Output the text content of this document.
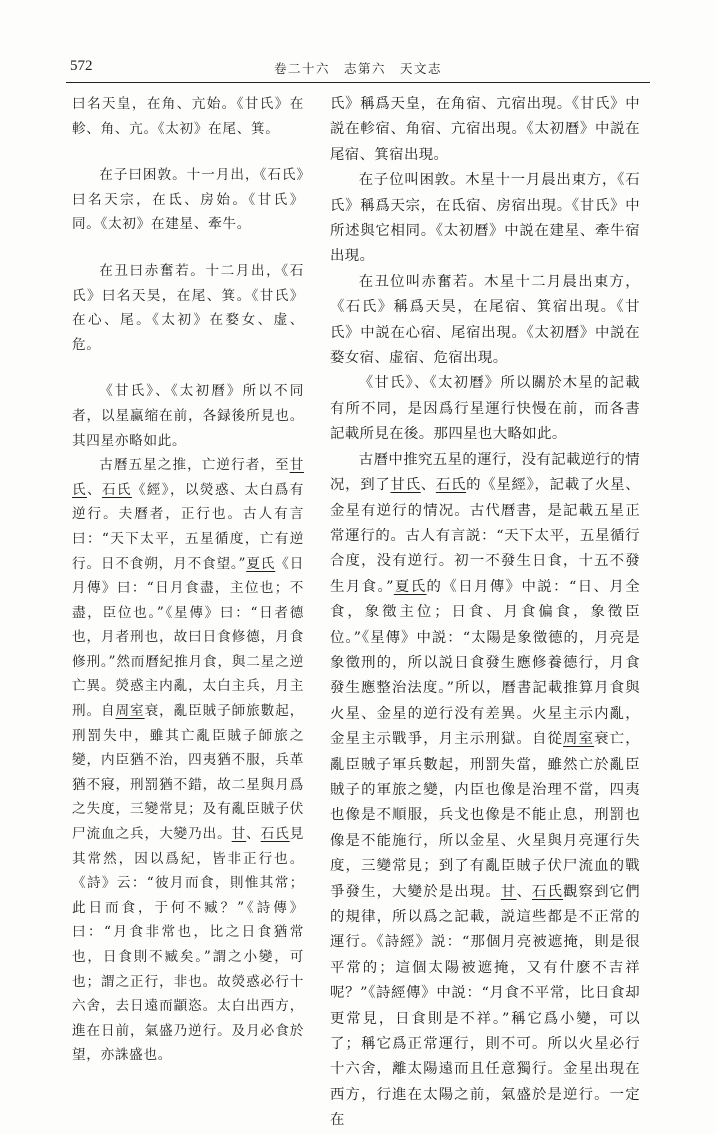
572	卷二十六　志第六　天文志

曰名天皇，在角、亢始。《甘氏》在軫、角、亢。《太初》在尾、箕。

在子曰困敦。十一月出，《石氏》曰名天宗，在氐、房始。《甘氏》同。《太初》在建星、牽牛。

在丑曰赤奮若。十二月出，《石氏》曰名天昊，在尾、箕。《甘氏》在心、尾。《太初》在婺女、虚、危。

《甘氏》、《太初曆》所以不同者，以星赢缩在前，各録後所見也。其四星亦略如此。

古曆五星之推，亡逆行者，至甘氏、石氏《經》，以熒惑、太白爲有逆行。夫曆者，正行也。古人有言曰：“天下太平，五星循度，亡有逆行。日不食朔，月不食望。”夏氏《日月傳》曰：“日月食盡，主位也；不盡，臣位也。”《星傳》曰：“日者德也，月者刑也，故曰日食修德，月食修刑。”然而曆紀推月食，與二星之逆亡異。熒惑主内亂，太白主兵，月主刑。自周室衰，亂臣賊子師旅數起，刑罰失中，雖其亡亂臣賊子師旅之變，内臣猶不治，四夷猶不服，兵革猶不寢，刑罰猶不錯，故二星與月爲之失度，三變常見；及有亂臣賊子伏尸流血之兵，大變乃出。甘、石氏見其常然，因以爲紀，皆非正行也。《詩》云：“彼月而食，則惟其常；此日而食，于何不臧？”《詩傳》曰：“月食非常也，比之日食猶常也，日食則不臧矣。”謂之小變，可也；謂之正行，非也。故熒惑必行十六舍，去日遠而顓恣。太白出西方，進在日前，氣盛乃逆行。及月必食於望，亦誅盛也。

氏》稱爲天皇，在角宿、亢宿出現。《甘氏》中説在軫宿、角宿、亢宿出現。《太初曆》中説在尾宿、箕宿出現。

在子位叫困敦。木星十一月晨出東方，《石氏》稱爲天宗，在氐宿、房宿出現。《甘氏》中所述與它相同。《太初曆》中説在建星、牽牛宿出現。

在丑位叫赤奮若。木星十二月晨出東方，《石氏》稱爲天昊，在尾宿、箕宿出現。《甘氏》中説在心宿、尾宿出現。《太初曆》中説在婺女宿、虚宿、危宿出現。

《甘氏》、《太初曆》所以關於木星的記載有所不同，是因爲行星運行快慢在前，而各書記載所見在後。那四星也大略如此。

古曆中推究五星的運行，没有記載逆行的情况，到了甘氏、石氏的《星經》，記載了火星、金星有逆行的情况。古代曆書，是記載五星正常運行的。古人有言説：“天下太平，五星循行合度，没有逆行。初一不發生日食，十五不發生月食。”夏氏的《日月傳》中説：“日、月全食，象徵主位；日食、月食偏食，象徵臣位。”《星傳》中説：“太陽是象徵德的，月亮是象徵刑的，所以説日食發生應修養德行，月食發生應整治法度。”所以，曆書記載推算月食與火星、金星的逆行没有差異。火星主示内亂，金星主示戰爭，月主示刑獄。自從周室衰亡，亂臣賊子軍兵數起，刑罰失當，雖然亡於亂臣賊子的軍旅之變，内臣也像是治理不當，四夷也像是不順服，兵戈也像是不能止息，刑罰也像是不能施行，所以金星、火星與月亮運行失度，三變常見；到了有亂臣賊子伏尸流血的戰爭發生，大變於是出現。甘、石氏觀察到它們的規律，所以爲之記載，説這些都是不正常的運行。《詩經》説：“那個月亮被遮掩，則是很平常的；這個太陽被遮掩，又有什麽不吉祥呢？”《詩經傳》中説：“月食不平常，比日食却更常見，日食則是不祥。”稱它爲小變，可以了；稱它爲正常運行，則不可。所以火星必行十六舍，離太陽遠而且任意獨行。金星出現在西方，行進在太陽之前，氣盛於是逆行。一定在
